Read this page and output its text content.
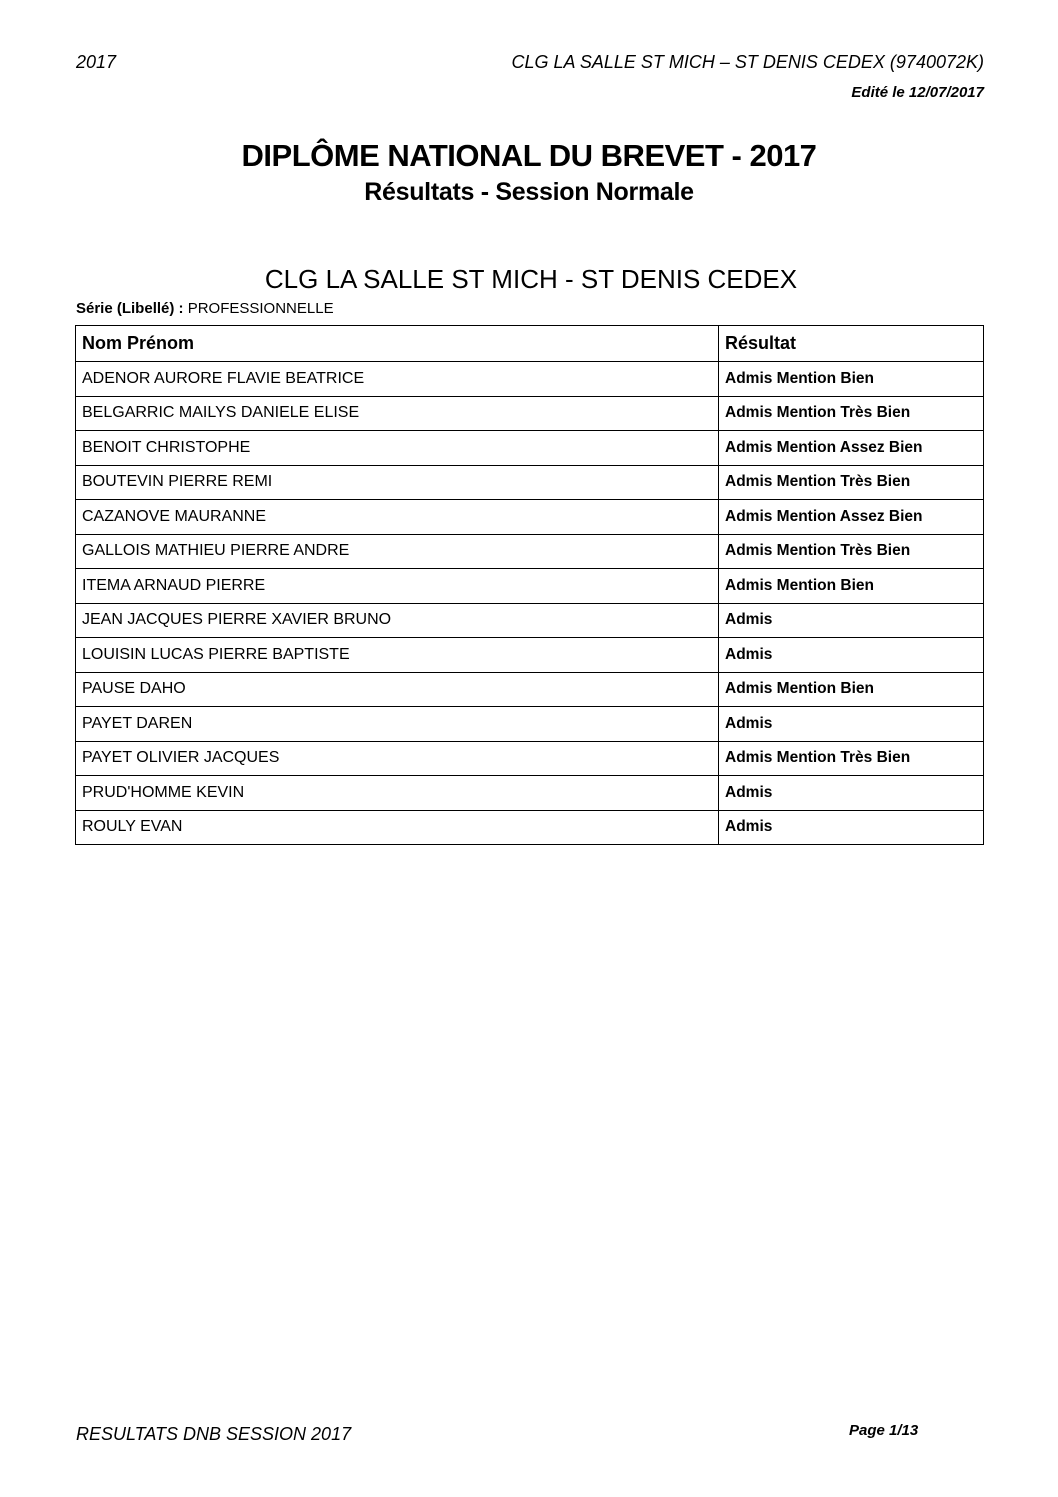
2017	CLG LA SALLE ST MICH – ST DENIS CEDEX (9740072K)
Edité le 12/07/2017
DIPLÔME NATIONAL DU BREVET - 2017
Résultats - Session Normale
CLG LA SALLE ST MICH - ST DENIS CEDEX
Série (Libellé) : PROFESSIONNELLE
Nom Prénom	Résultat
ADENOR AURORE FLAVIE BEATRICE	Admis Mention Bien
BELGARRIC MAILYS DANIELE ELISE	Admis Mention Très Bien
BENOIT CHRISTOPHE	Admis Mention Assez Bien
BOUTEVIN PIERRE REMI	Admis Mention Très Bien
CAZANOVE MAURANNE	Admis Mention Assez Bien
GALLOIS MATHIEU PIERRE ANDRE	Admis Mention Très Bien
ITEMA ARNAUD PIERRE	Admis Mention Bien
JEAN JACQUES PIERRE XAVIER BRUNO	Admis
LOUISIN LUCAS PIERRE BAPTISTE	Admis
PAUSE DAHO	Admis Mention Bien
PAYET DAREN	Admis
PAYET OLIVIER JACQUES	Admis Mention Très Bien
PRUD'HOMME KEVIN	Admis
ROULY EVAN	Admis
RESULTATS DNB SESSION 2017	Page 1/13
